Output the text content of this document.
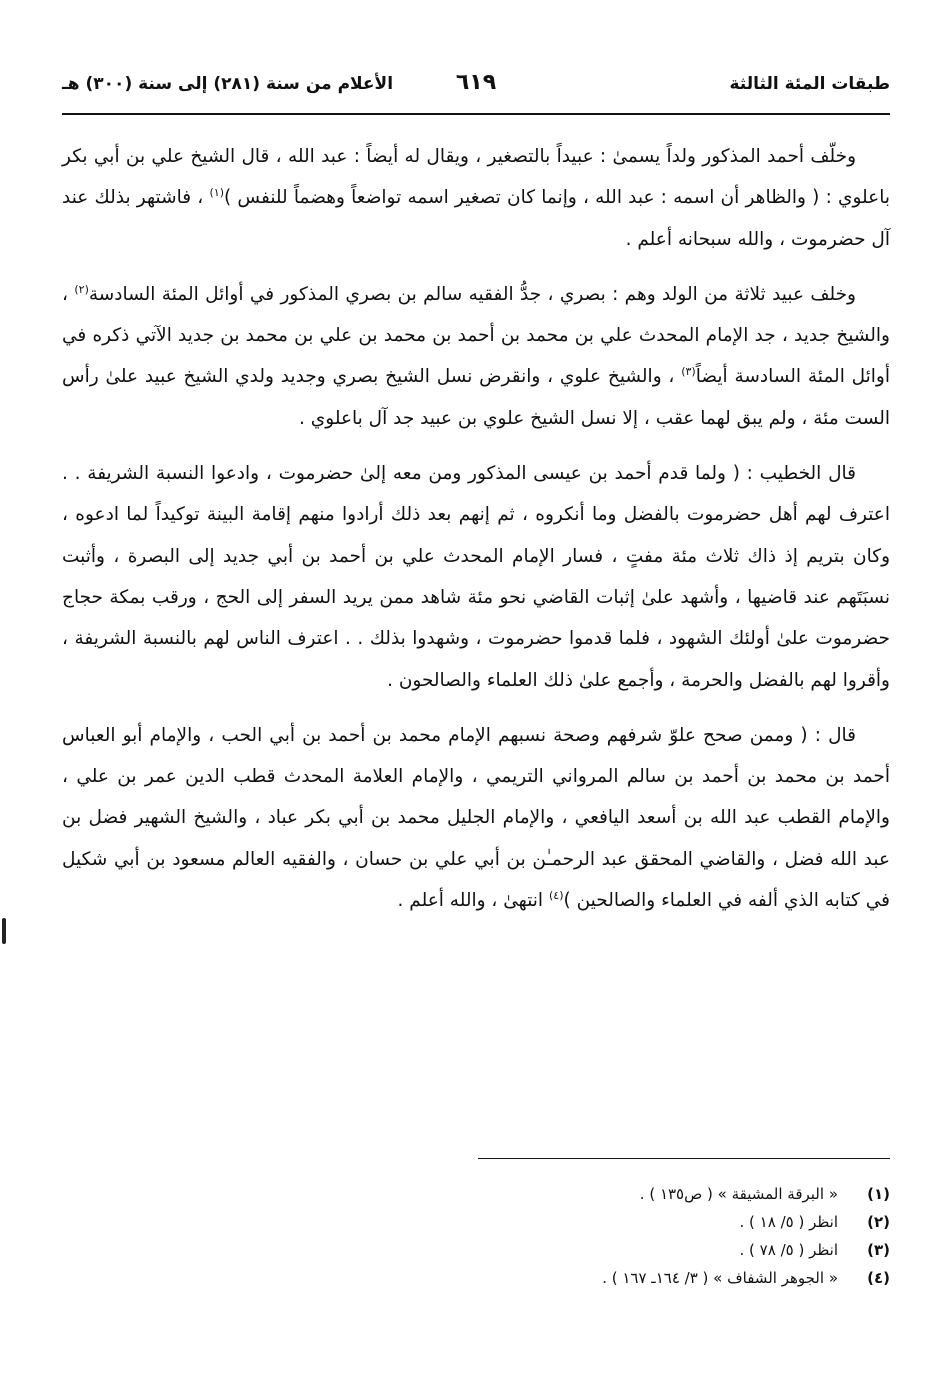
طبقات المئة الثالثة
٦١٩
الأعلام من سنة (٢٨١) إلى سنة (٣٠٠) هـ

وخلّف أحمد المذكور ولداً يسمىٰ : عبيداً بالتصغير ، ويقال له أيضاً : عبد الله ، قال الشيخ علي بن أبي بكر باعلوي : ( والظاهر أن اسمه : عبد الله ، وإنما كان تصغير اسمه تواضعاً وهضماً للنفس )$^{(١)}$ ، فاشتهر بذلك عند آل حضرموت ، والله سبحانه أعلم .

وخلف عبيد ثلاثة من الولد وهم : بصري ، جدُّ الفقيه سالم بن بصري المذكور في أوائل المئة السادسة$^{(٢)}$ ، والشيخ جديد ، جد الإمام المحدث علي بن محمد بن أحمد بن محمد بن علي بن محمد بن جديد الآتي ذكره في أوائل المئة السادسة أيضاً$^{(٣)}$ ، والشيخ علوي ، وانقرض نسل الشيخ بصري وجديد ولدي الشيخ عبيد علىٰ رأس الست مئة ، ولم يبق لهما عقب ، إلا نسل الشيخ علوي بن عبيد جد آل باعلوي .

قال الخطيب : ( ولما قدم أحمد بن عيسى المذكور ومن معه إلىٰ حضرموت ، وادعوا النسبة الشريفة . . اعترف لهم أهل حضرموت بالفضل وما أنكروه ، ثم إنهم بعد ذلك أرادوا منهم إقامة البينة توكيداً لما ادعوه ، وكان بتريم إذ ذاك ثلاث مئة مفتٍ ، فسار الإمام المحدث علي بن أحمد بن أبي جديد إلى البصرة ، وأثبت نسبَتَهم عند قاضيها ، وأشهد علىٰ إثبات القاضي نحو مئة شاهد ممن يريد السفر إلى الحج ، ورقب بمكة حجاج حضرموت علىٰ أولئك الشهود ، فلما قدموا حضرموت ، وشهدوا بذلك . . اعترف الناس لهم بالنسبة الشريفة ، وأقروا لهم بالفضل والحرمة ، وأجمع علىٰ ذلك العلماء والصالحون .

قال : ( وممن صحح علوّ شرفهم وصحة نسبهم الإمام محمد بن أحمد بن أبي الحب ، والإمام أبو العباس أحمد بن محمد بن أحمد بن سالم المرواني التريمي ، والإمام العلامة المحدث قطب الدين عمر بن علي ، والإمام القطب عبد الله بن أسعد اليافعي ، والإمام الجليل محمد بن أبي بكر عباد ، والشيخ الشهير فضل بن عبد الله فضل ، والقاضي المحقق عبد الرحمـٰن بن أبي علي بن حسان ، والفقيه العالم مسعود بن أبي شكيل في كتابه الذي ألفه في العلماء والصالحين )$^{(٤)}$ انتهىٰ ، والله أعلم .

(١)
« البرقة المشيقة » ( ص١٣٥ ) .
(٢)
انظر ( ٥/ ١٨ ) .
(٣)
انظر ( ٥/ ٧٨ ) .
(٤)
« الجوهر الشفاف » ( ٣/ ١٦٤ـ ١٦٧ ) .
